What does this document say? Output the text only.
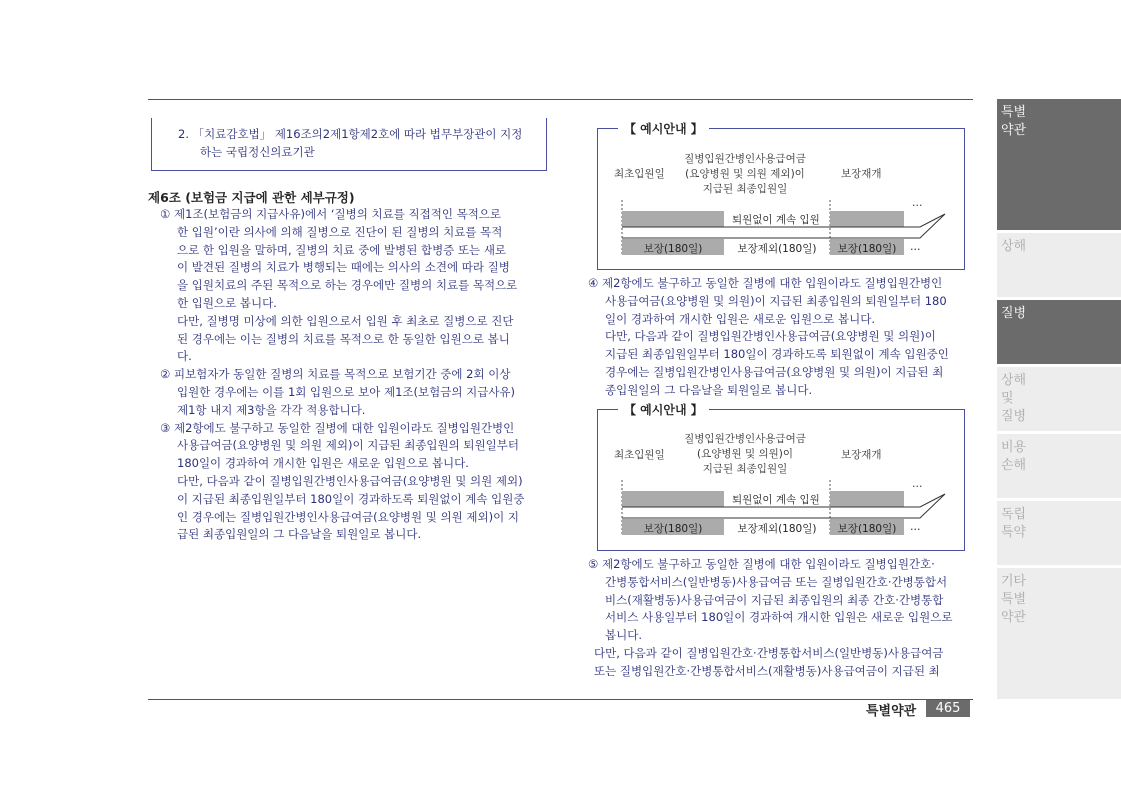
2. 「치료감호법」 제16조의2제1항제2호에 따라 법무부장관이 지정

하는 국립정신의료기관

제6조 (보험금 지급에 관한 세부규정)
① 제1조(보험금의 지급사유)에서 ‘질병의 치료를 직접적인 목적으로
한 입원’이란 의사에 의해 질병으로 진단이 된 질병의 치료를 목적
으로 한 입원을 말하며, 질병의 치료 중에 발병된 합병증 또는 새로
이 발견된 질병의 치료가 병행되는 때에는 의사의 소견에 따라 질병
을 입원치료의 주된 목적으로 하는 경우에만 질병의 치료를 목적으로
한 입원으로 봅니다.
다만, 질병명 미상에 의한 입원으로서 입원 후 최초로 질병으로 진단
된 경우에는 이는 질병의 치료를 목적으로 한 동일한 입원으로 봅니
다.
② 피보험자가 동일한 질병의 치료를 목적으로 보험기간 중에 2회 이상
입원한 경우에는 이를 1회 입원으로 보아 제1조(보험금의 지급사유)
제1항 내지 제3항을 각각 적용합니다.
③ 제2항에도 불구하고 동일한 질병에 대한 입원이라도 질병입원간병인
사용급여금(요양병원 및 의원 제외)이 지급된 최종입원의 퇴원일부터
180일이 경과하여 개시한 입원은 새로운 입원으로 봅니다.
다만, 다음과 같이 질병입원간병인사용급여금(요양병원 및 의원 제외)
이 지급된 최종입원일부터 180일이 경과하도록 퇴원없이 계속 입원중
인 경우에는 질병입원간병인사용급여금(요양병원 및 의원 제외)이 지
급된 최종입원일의 그 다음날을 퇴원일로 봅니다.
【 예시안내 】
최초입원일
질병입원간병인사용급여금
(요양병원 및 의원 제외)이
지급된 최종입원일
보장재개
…
퇴원없이 계속 입원
보장(180일)	보장제외(180일)	보장(180일)	…
④ 제2항에도 불구하고 동일한 질병에 대한 입원이라도 질병입원간병인
사용급여금(요양병원 및 의원)이 지급된 최종입원의 퇴원일부터 180
일이 경과하여 개시한 입원은 새로운 입원으로 봅니다.
다만, 다음과 같이 질병입원간병인사용급여금(요양병원 및 의원)이
지급된 최종입원일부터 180일이 경과하도록 퇴원없이 계속 입원중인
경우에는 질병입원간병인사용급여금(요양병원 및 의원)이 지급된 최
종입원일의 그 다음날을 퇴원일로 봅니다.
【 예시안내 】
최초입원일
질병입원간병인사용급여금
(요양병원 및 의원)이
지급된 최종입원일
보장재개
…
퇴원없이 계속 입원
보장(180일)	보장제외(180일)	보장(180일)	…
⑤ 제2항에도 불구하고 동일한 질병에 대한 입원이라도 질병입원간호·
간병통합서비스(일반병동)사용급여금 또는 질병입원간호·간병통합서
비스(재활병동)사용급여금이 지급된 최종입원의 최종 간호·간병통합
서비스 사용일부터 180일이 경과하여 개시한 입원은 새로운 입원으로
봅니다.
다만, 다음과 같이 질병입원간호·간병통합서비스(일반병동)사용급여금
또는 질병입원간호·간병통합서비스(재활병동)사용급여금이 지급된 최
특별
약관
상해
질병
상해
및
질병
비용
손해
독립
특약
기타
특별
약관
특별약관	465
